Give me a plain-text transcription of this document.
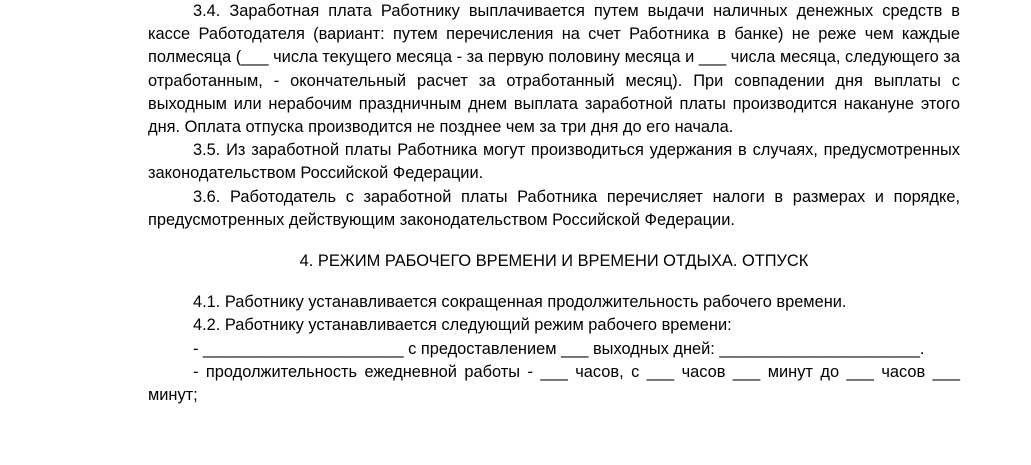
3.4. Заработная плата Работнику выплачивается путем выдачи наличных денежных средств в кассе Работодателя (вариант: путем перечисления на счет Работника в банке) не реже чем каждые полмесяца (___ числа текущего месяца - за первую половину месяца и ___ числа месяца, следующего за отработанным, - окончательный расчет за отработанный месяц). При совпадении дня выплаты с выходным или нерабочим праздничным днем выплата заработной платы производится накануне этого дня. Оплата отпуска производится не позднее чем за три дня до его начала.

3.5. Из заработной платы Работника могут производиться удержания в случаях, предусмотренных законодательством Российской Федерации.

3.6. Работодатель с заработной платы Работника перечисляет налоги в размерах и порядке, предусмотренных действующим законодательством Российской Федерации.

4. РЕЖИМ РАБОЧЕГО ВРЕМЕНИ И ВРЕМЕНИ ОТДЫХА. ОТПУСК

4.1. Работнику устанавливается сокращенная продолжительность рабочего времени.

4.2. Работнику устанавливается следующий режим рабочего времени:

- ______________________ с предоставлением ___ выходных дней: ______________________.

- продолжительность ежедневной работы - ___ часов, с ___ часов ___ минут до ___ часов ___ минут;
